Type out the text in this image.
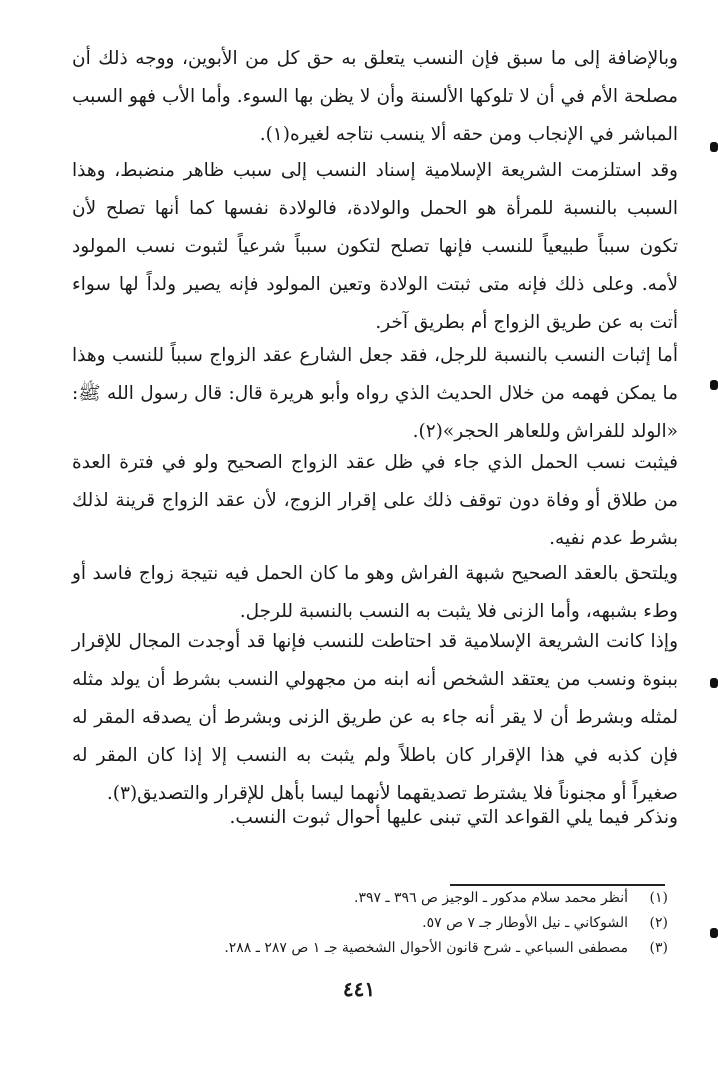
وبالإضافة إلى ما سبق فإن النسب يتعلق به حق كل من الأبوين، ووجه ذلك أن مصلحة الأم في أن لا تلوكها الألسنة وأن لا يظن بها السوء. وأما الأب فهو السبب المباشر في الإنجاب ومن حقه ألا ينسب نتاجه لغيره(١).

وقد استلزمت الشريعة الإسلامية إسناد النسب إلى سبب ظاهر منضبط، وهذا السبب بالنسبة للمرأة هو الحمل والولادة، فالولادة نفسها كما أنها تصلح لأن تكون سبباً طبيعياً للنسب فإنها تصلح لتكون سبباً شرعياً لثبوت نسب المولود لأمه. وعلى ذلك فإنه متى ثبتت الولادة وتعين المولود فإنه يصير ولداً لها سواء أتت به عن طريق الزواج أم بطريق آخر.

أما إثبات النسب بالنسبة للرجل، فقد جعل الشارع عقد الزواج سبباً للنسب وهذا ما يمكن فهمه من خلال الحديث الذي رواه وأبو هريرة قال: قال رسول الله ﷺ: «الولد للفراش وللعاهر الحجر»(٢).

فيثبت نسب الحمل الذي جاء في ظل عقد الزواج الصحيح ولو في فترة العدة من طلاق أو وفاة دون توقف ذلك على إقرار الزوج، لأن عقد الزواج قرينة لذلك بشرط عدم نفيه.

ويلتحق بالعقد الصحيح شبهة الفراش وهو ما كان الحمل فيه نتيجة زواج فاسد أو وطء بشبهه، وأما الزنى فلا يثبت به النسب بالنسبة للرجل.

وإذا كانت الشريعة الإسلامية قد احتاطت للنسب فإنها قد أوجدت المجال للإقرار ببنوة ونسب من يعتقد الشخص أنه ابنه من مجهولي النسب بشرط أن يولد مثله لمثله وبشرط أن لا يقر أنه جاء به عن طريق الزنى وبشرط أن يصدقه المقر له فإن كذبه في هذا الإقرار كان باطلاً ولم يثبت به النسب إلا إذا كان المقر له صغيراً أو مجنوناً فلا يشترط تصديقهما لأنهما ليسا بأهل للإقرار والتصديق(٣).

ونذكر فيما يلي القواعد التي تبنى عليها أحوال ثبوت النسب.

(١)
أنظر محمد سلام مدكور ـ الوجيز ص ٣٩٦ ـ ٣٩٧.
(٢)
الشوكاني ـ نيل الأوطار جـ ٧ ص ٥٧.
(٣)
مصطفى السباعي ـ شرح قانون الأحوال الشخصية جـ ١ ص ٢٨٧ ـ ٢٨٨.
٤٤١
